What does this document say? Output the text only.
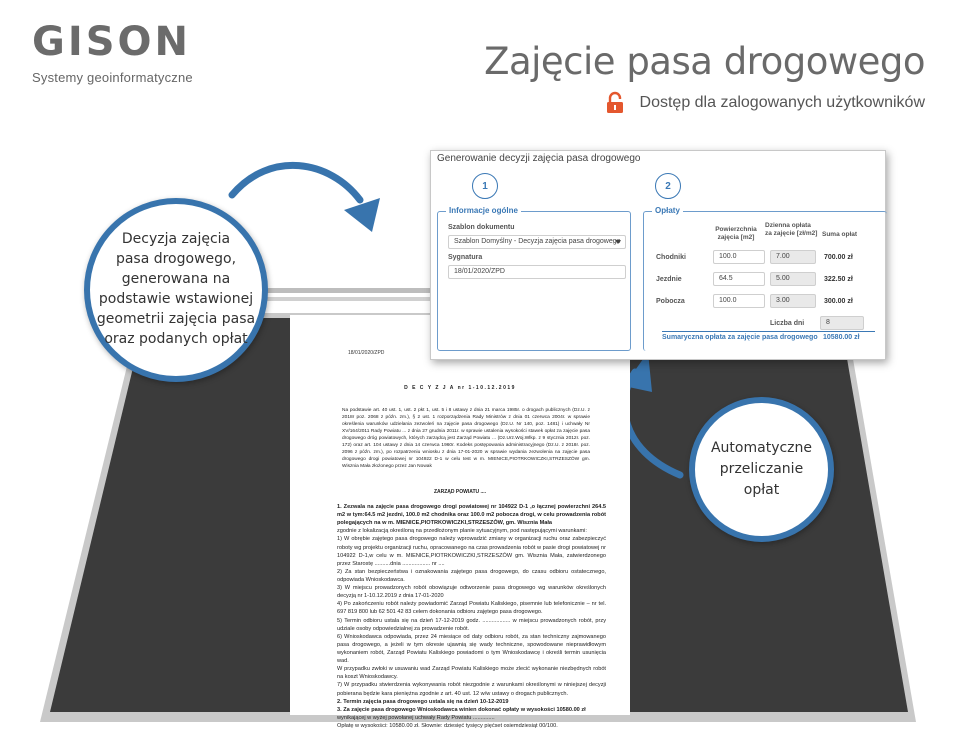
18/01/2020/ZPD
D E C Y Z J A nr 1-10.12.2019
Na podstawie art. 40 ust. 1, ust. 2 pkt 1, ust. 5 i 8 ustawy z dnia 21 marca 1985r. o drogach publicznych (Dz.U. z 2018r poz. 2068 z późn. zm.), § 2 ust. 1 rozporządzenia Rady Ministrów z dnia 01 czerwca 2004r. w sprawie określenia warunków udzielania zezwoleń na zajęcie pasa drogowego (Dz.U. Nr 140, poz. 1481) i uchwały Nr XV/164/2011 Rady Powiatu ... z dnia 27 grudnia 2011r. w sprawie ustalenia wysokości stawek opłat za zajęcie pasa drogowego dróg powiatowych, których zarządcą jest Zarząd Powiatu ... (Dz.Urz.Woj.Wlkp. z 9 stycznia 2012r. poz. 172) oraz art. 104 ustawy z dnia 14 czerwca 1960r. Kodeks postępowania administracyjnego (Dz.U. z 2018r. poz. 2096 z późn. zm.), po rozpatrzeniu wniosku z dnia 17-01-2020 w sprawie wydania zezwolenia na zajęcie pasa drogowego drogi powiatowej nr 104922 D-1 w celu test w m. MIENICE,PIOTRKOWICZKI,STRZESZÓW gm. Wisznia Mała złożonego przez Jan Nowak
ZARZĄD POWIATU ....

1. Zezwala na zajęcie pasa drogowego drogi powiatowej nr 104922 D-1 ,o łącznej powierzchni 264.5 m2 w tym:64.5 m2 jezdni, 100.0 m2 chodnika oraz 100.0 m2 pobocza drogi, w celu prowadzenia robót polegających na w m. MIENICE,PIOTRKOWICZKI,STRZESZÓW, gm. Wisznia Mała

zgodnie z lokalizacją określoną na przedłożonym planie sytuacyjnym, pod następującymi warunkami:

1) W obrębie zajętego pasa drogowego należy wprowadzić zmiany w organizacji ruchu oraz zabezpieczyć roboty wg projektu organizacji ruchu, opracowanego na czas prowadzenia robót w pasie drogi powiatowej nr 104922 D-1,w celu w m. MIENICE,PIOTRKOWICZKI,STRZESZÓW gm. Wisznia Mała, zatwierdzonego przez Starostę ..........dnia .................. nr ....

2) Za stan bezpieczeństwa i oznakowania zajętego pasa drogowego, do czasu odbioru ostatecznego, odpowiada Wnioskodawca.

3) W miejscu prowadzonych robót obowiązuje odtworzenie pasa drogowego wg warunków określonych decyzją nr 1-10.12.2019 z dnia 17-01-2020

4) Po zakończeniu robót należy powiadomić Zarząd Powiatu Kaliskiego, pisemnie lub telefonicznie – nr tel. 697 819 800 lub 62 501 42 83 celem dokonania odbioru zajętego pasa drogowego.

5) Termin odbioru ustala się na dzień 17-12-2019 godz. .................. w miejscu prowadzonych robót, przy udziale osoby odpowiedzialnej za prowadzenie robót.

6) Wnioskodawca odpowiada, przez 24 miesiące od daty odbioru robót, za stan techniczny zajmowanego pasa drogowego, a jeżeli w tym okresie ujawnią się wady techniczne, spowodowane nieprawidłowym wykonaniem robót, Zarząd Powiatu Kaliskiego powiadomi o tym Wnioskodawcę i określi termin usunięcia wad.

W przypadku zwłoki w usuwaniu wad Zarząd Powiatu Kaliskiego może zlecić wykonanie niezbędnych robót na koszt Wnioskodawcy.

7) W przypadku stwierdzenia wykonywania robót niezgodnie z warunkami określonymi w niniejszej decyzji pobierana będzie kara pieniężna zgodnie z art. 40 ust. 12 w/w ustawy o drogach publicznych.

2. Termin zajęcia pasa drogowego ustala się na dzień 10-12-2019

3. Za zajęcie pasa drogowego Wnioskodawca winien dokonać opłaty w wysokości 10580.00 zł

wynikającej w wyżej powołanej uchwały Rady Powiatu ..............

Opłatę w wysokości: 10580.00 zł. Słownie: dziesięć tysięcy pięćset osiemdziesiąt 00/100.

Generowanie decyzji zajęcia pasa drogowego
1	2
Informacje ogólne
Szablon dokumentu
Szablon Domyślny - Decyzja zajęcia pasa drogowego
Sygnatura
18/01/2020/ZPD
Opłaty
Powierzchnia zajęcia [m2]
Dzienna opłata za zajęcie [zł/m2] Suma opłat
Chodniki	100.0	7.00	700.00 zł
Jezdnie	64.5	5.00	322.50 zł
Pobocza	100.0	3.00	300.00 zł
Liczba dni	8
Sumaryczna opłata za zajęcie pasa drogowego 10580.00 zł
Decyzja zajęcia
pasa drogowego,
generowana na
podstawie wstawionej
geometrii zajęcia pasa
oraz podanych opłat
Automatyczne
przeliczanie
opłat
GISON
Systemy geoinformatyczne	Zajęcie pasa drogowego
Dostęp dla zalogowanych użytkowników
